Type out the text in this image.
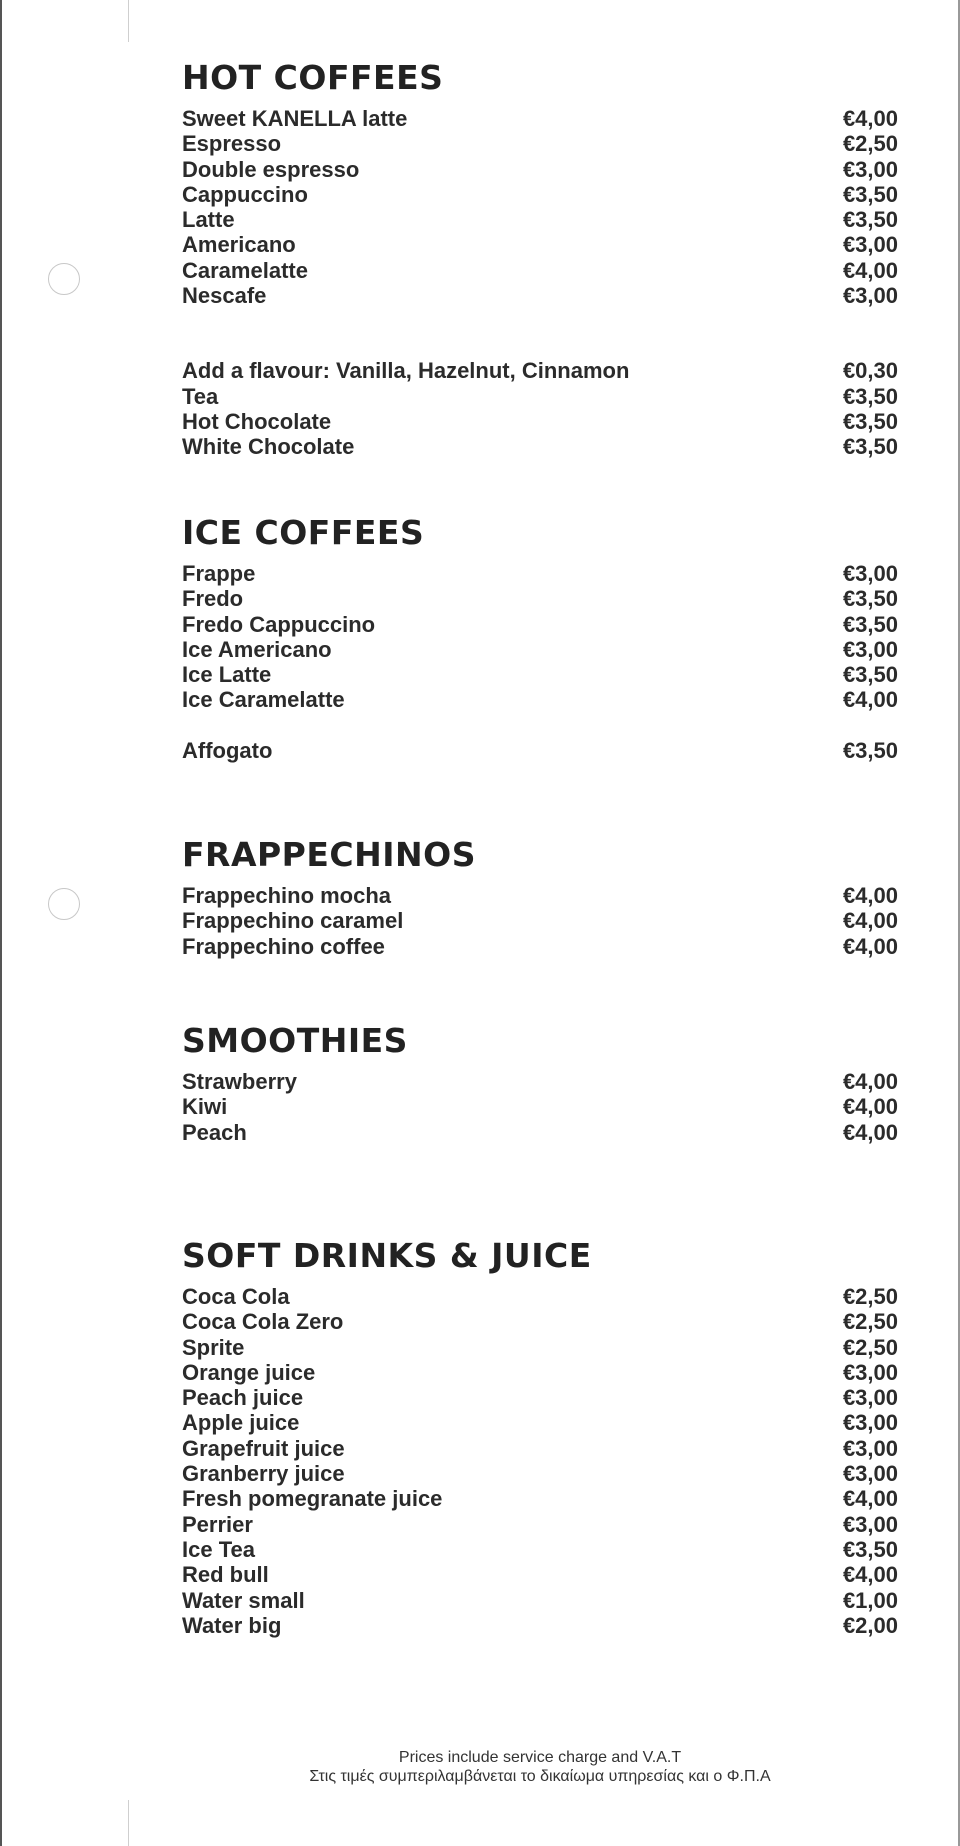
HOT COFFEES
Sweet KANELLA latte	€4,00
Espresso	€2,50
Double espresso	€3,00
Cappuccino	€3,50
Latte	€3,50
Americano	€3,00
Caramelatte	€4,00
Nescafe	€3,00
Add a flavour: Vanilla, Hazelnut, Cinnamon	€0,30
Tea	€3,50
Hot Chocolate	€3,50
White Chocolate	€3,50
ICE COFFEES
Frappe	€3,00
Fredo	€3,50
Fredo Cappuccino	€3,50
Ice Americano	€3,00
Ice Latte	€3,50
Ice Caramelatte	€4,00
Affogato	€3,50
FRAPPECHINOS
Frappechino mocha	€4,00
Frappechino caramel	€4,00
Frappechino coffee	€4,00
SMOOTHIES
Strawberry	€4,00
Kiwi	€4,00
Peach	€4,00
SOFT DRINKS & JUICE
Coca Cola	€2,50
Coca Cola Zero	€2,50
Sprite	€2,50
Orange juice	€3,00
Peach juice	€3,00
Apple juice	€3,00
Grapefruit juice	€3,00
Granberry juice	€3,00
Fresh pomegranate juice	€4,00
Perrier	€3,00
Ice Tea	€3,50
Red bull	€4,00
Water small	€1,00
Water big	€2,00
Prices include service charge and V.A.T
Στις τιμές συμπεριλαμβάνεται το δικαίωμα υπηρεσίας και ο Φ.Π.Α
